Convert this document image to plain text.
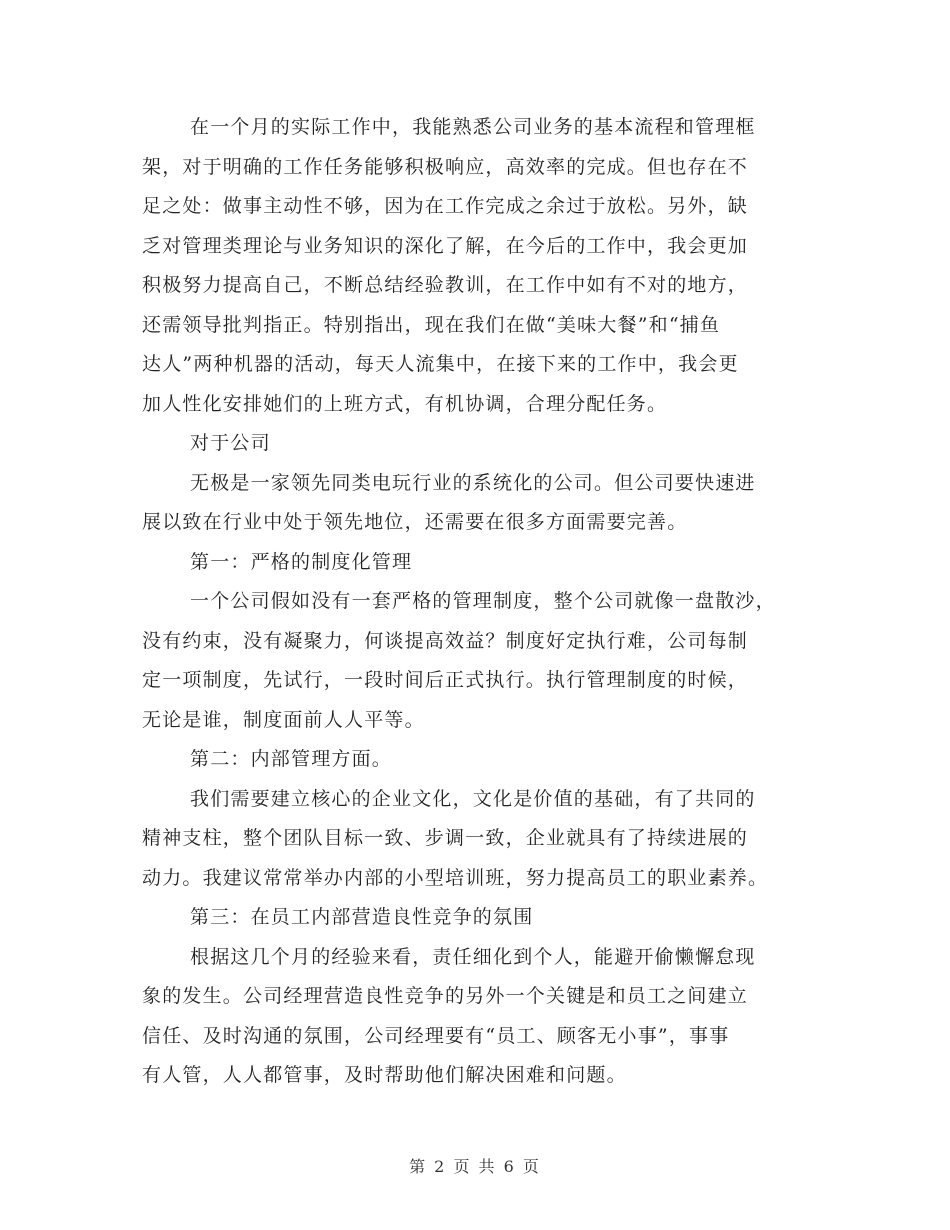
在一个月的实际工作中，我能熟悉公司业务的基本流程和管理框
架，对于明确的工作任务能够积极响应，高效率的完成。但也存在不
足之处：做事主动性不够，因为在工作完成之余过于放松。另外，缺
乏对管理类理论与业务知识的深化了解，在今后的工作中，我会更加
积极努力提高自己，不断总结经验教训，在工作中如有不对的地方，
还需领导批判指正。特别指出，现在我们在做“美味大餐”和“捕鱼
达人”两种机器的活动，每天人流集中，在接下来的工作中，我会更
加人性化安排她们的上班方式，有机协调，合理分配任务。

对于公司

无极是一家领先同类电玩行业的系统化的公司。但公司要快速进
展以致在行业中处于领先地位，还需要在很多方面需要完善。

第一：严格的制度化管理

一个公司假如没有一套严格的管理制度，整个公司就像一盘散沙，
没有约束，没有凝聚力，何谈提高效益？制度好定执行难，公司每制
定一项制度，先试行，一段时间后正式执行。执行管理制度的时候，
无论是谁，制度面前人人平等。

第二：内部管理方面。

我们需要建立核心的企业文化，文化是价值的基础，有了共同的
精神支柱，整个团队目标一致、步调一致，企业就具有了持续进展的
动力。我建议常常举办内部的小型培训班，努力提高员工的职业素养。

第三：在员工内部营造良性竞争的氛围

根据这几个月的经验来看，责任细化到个人，能避开偷懒懈怠现
象的发生。公司经理营造良性竞争的另外一个关键是和员工之间建立
信任、及时沟通的氛围，公司经理要有“员工、顾客无小事”，事事
有人管，人人都管事，及时帮助他们解决困难和问题。

第 2 页 共 6 页
